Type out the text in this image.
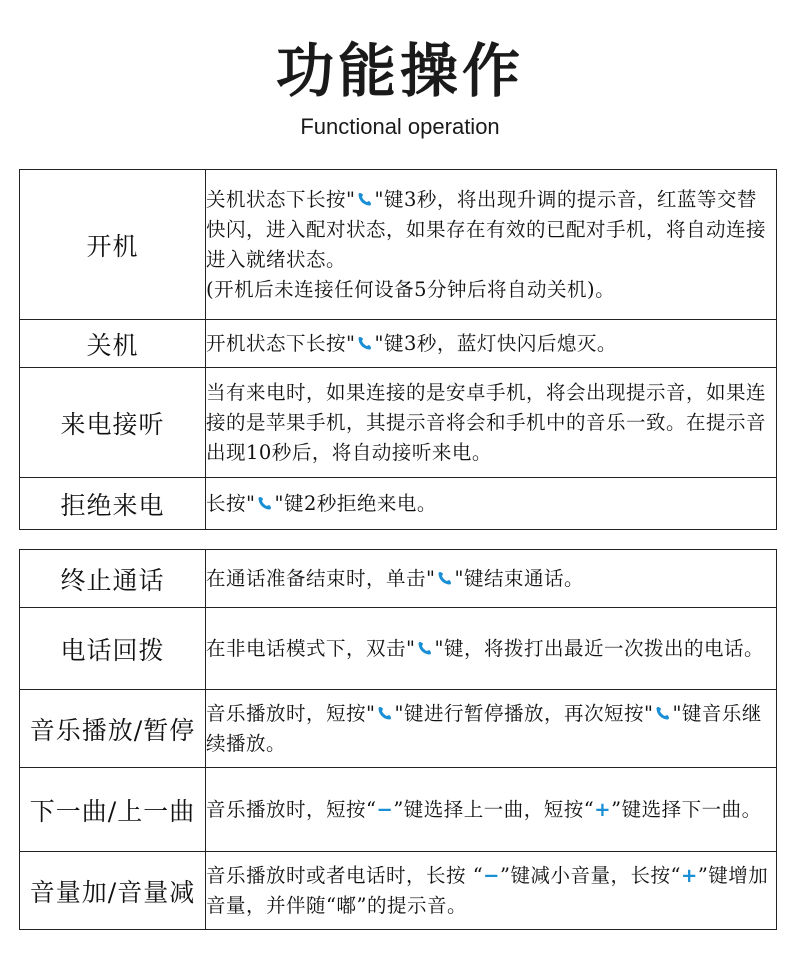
功能操作
Functional operation
开机	关机状态下长按" "键3秒，将出现升调的提示音，红蓝等交替快闪，进入配对状态，如果存在有效的已配对手机，将自动连接进入就绪状态。
(开机后未连接任何设备5分钟后将自动关机)。
关机	开机状态下长按" "键3秒，蓝灯快闪后熄灭。
来电接听	当有来电时，如果连接的是安卓手机，将会出现提示音，如果连接的是苹果手机，其提示音将会和手机中的音乐一致。在提示音出现10秒后，将自动接听来电。
拒绝来电	长按" "键2秒拒绝来电。
终止通话	在通话准备结束时，单击" "键结束通话。
电话回拨	在非电话模式下，双击" "键，将拨打出最近一次拨出的电话。
音乐播放/暂停	音乐播放时，短按" "键进行暂停播放，再次短按" "键音乐继续播放。
下一曲/上一曲	音乐播放时，短按“−”键选择上一曲，短按“+”键选择下一曲。
音量加/音量减	音乐播放时或者电话时，长按 “−”键减小音量，长按“+”键增加音量，并伴随“嘟”的提示音。
